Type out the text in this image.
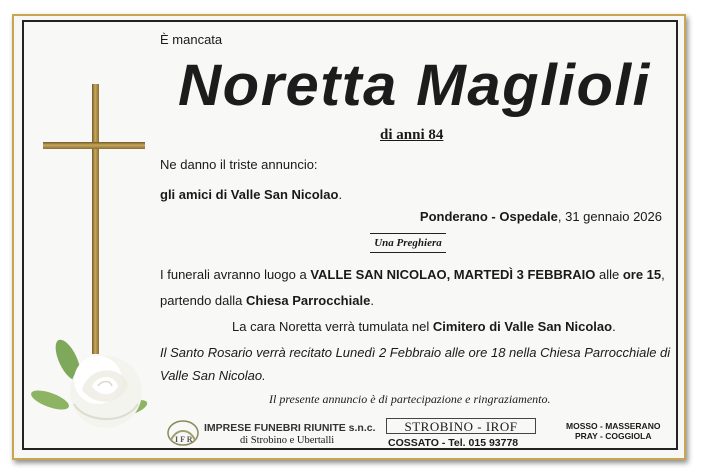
È mancata
Noretta Maglioli
di anni 84
Ne danno il triste annuncio:
gli amici di Valle San Nicolao.
Ponderano - Ospedale, 31 gennaio 2026
Una Preghiera
I funerali avranno luogo a VALLE SAN NICOLAO, MARTEDÌ 3 FEBBRAIO alle ore 15,
partendo dalla Chiesa Parrocchiale.
La cara Noretta verrà tumulata nel Cimitero di Valle San Nicolao.
Il Santo Rosario verrà recitato Lunedì 2 Febbraio alle ore 18 nella Chiesa Parrocchiale di
Valle San Nicolao.
Il presente annuncio è di partecipazione e ringraziamento.
I F R
IMPRESE FUNEBRI RIUNITE s.n.c.
di Strobino e Ubertalli
STROBINO - IROF
COSSATO - Tel. 015 93778
MOSSO - MASSERANO
PRAY - COGGIOLA
